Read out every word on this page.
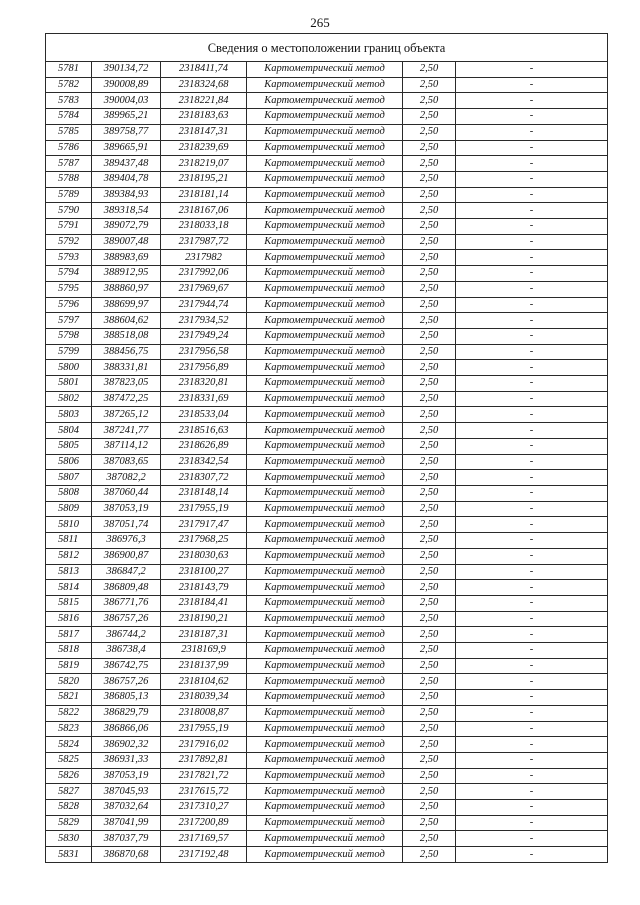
265
Сведения о местоположении границ объекта					
5781	390134,72	2318411,74	Картометрический метод	2,50	-
5782	390008,89	2318324,68	Картометрический метод	2,50	-
5783	390004,03	2318221,84	Картометрический метод	2,50	-
5784	389965,21	2318183,63	Картометрический метод	2,50	-
5785	389758,77	2318147,31	Картометрический метод	2,50	-
5786	389665,91	2318239,69	Картометрический метод	2,50	-
5787	389437,48	2318219,07	Картометрический метод	2,50	-
5788	389404,78	2318195,21	Картометрический метод	2,50	-
5789	389384,93	2318181,14	Картометрический метод	2,50	-
5790	389318,54	2318167,06	Картометрический метод	2,50	-
5791	389072,79	2318033,18	Картометрический метод	2,50	-
5792	389007,48	2317987,72	Картометрический метод	2,50	-
5793	388983,69	2317982	Картометрический метод	2,50	-
5794	388912,95	2317992,06	Картометрический метод	2,50	-
5795	388860,97	2317969,67	Картометрический метод	2,50	-
5796	388699,97	2317944,74	Картометрический метод	2,50	-
5797	388604,62	2317934,52	Картометрический метод	2,50	-
5798	388518,08	2317949,24	Картометрический метод	2,50	-
5799	388456,75	2317956,58	Картометрический метод	2,50	-
5800	388331,81	2317956,89	Картометрический метод	2,50	-
5801	387823,05	2318320,81	Картометрический метод	2,50	-
5802	387472,25	2318331,69	Картометрический метод	2,50	-
5803	387265,12	2318533,04	Картометрический метод	2,50	-
5804	387241,77	2318516,63	Картометрический метод	2,50	-
5805	387114,12	2318626,89	Картометрический метод	2,50	-
5806	387083,65	2318342,54	Картометрический метод	2,50	-
5807	387082,2	2318307,72	Картометрический метод	2,50	-
5808	387060,44	2318148,14	Картометрический метод	2,50	-
5809	387053,19	2317955,19	Картометрический метод	2,50	-
5810	387051,74	2317917,47	Картометрический метод	2,50	-
5811	386976,3	2317968,25	Картометрический метод	2,50	-
5812	386900,87	2318030,63	Картометрический метод	2,50	-
5813	386847,2	2318100,27	Картометрический метод	2,50	-
5814	386809,48	2318143,79	Картометрический метод	2,50	-
5815	386771,76	2318184,41	Картометрический метод	2,50	-
5816	386757,26	2318190,21	Картометрический метод	2,50	-
5817	386744,2	2318187,31	Картометрический метод	2,50	-
5818	386738,4	2318169,9	Картометрический метод	2,50	-
5819	386742,75	2318137,99	Картометрический метод	2,50	-
5820	386757,26	2318104,62	Картометрический метод	2,50	-
5821	386805,13	2318039,34	Картометрический метод	2,50	-
5822	386829,79	2318008,87	Картометрический метод	2,50	-
5823	386866,06	2317955,19	Картометрический метод	2,50	-
5824	386902,32	2317916,02	Картометрический метод	2,50	-
5825	386931,33	2317892,81	Картометрический метод	2,50	-
5826	387053,19	2317821,72	Картометрический метод	2,50	-
5827	387045,93	2317615,72	Картометрический метод	2,50	-
5828	387032,64	2317310,27	Картометрический метод	2,50	-
5829	387041,99	2317200,89	Картометрический метод	2,50	-
5830	387037,79	2317169,57	Картометрический метод	2,50	-
5831	386870,68	2317192,48	Картометрический метод	2,50	-
